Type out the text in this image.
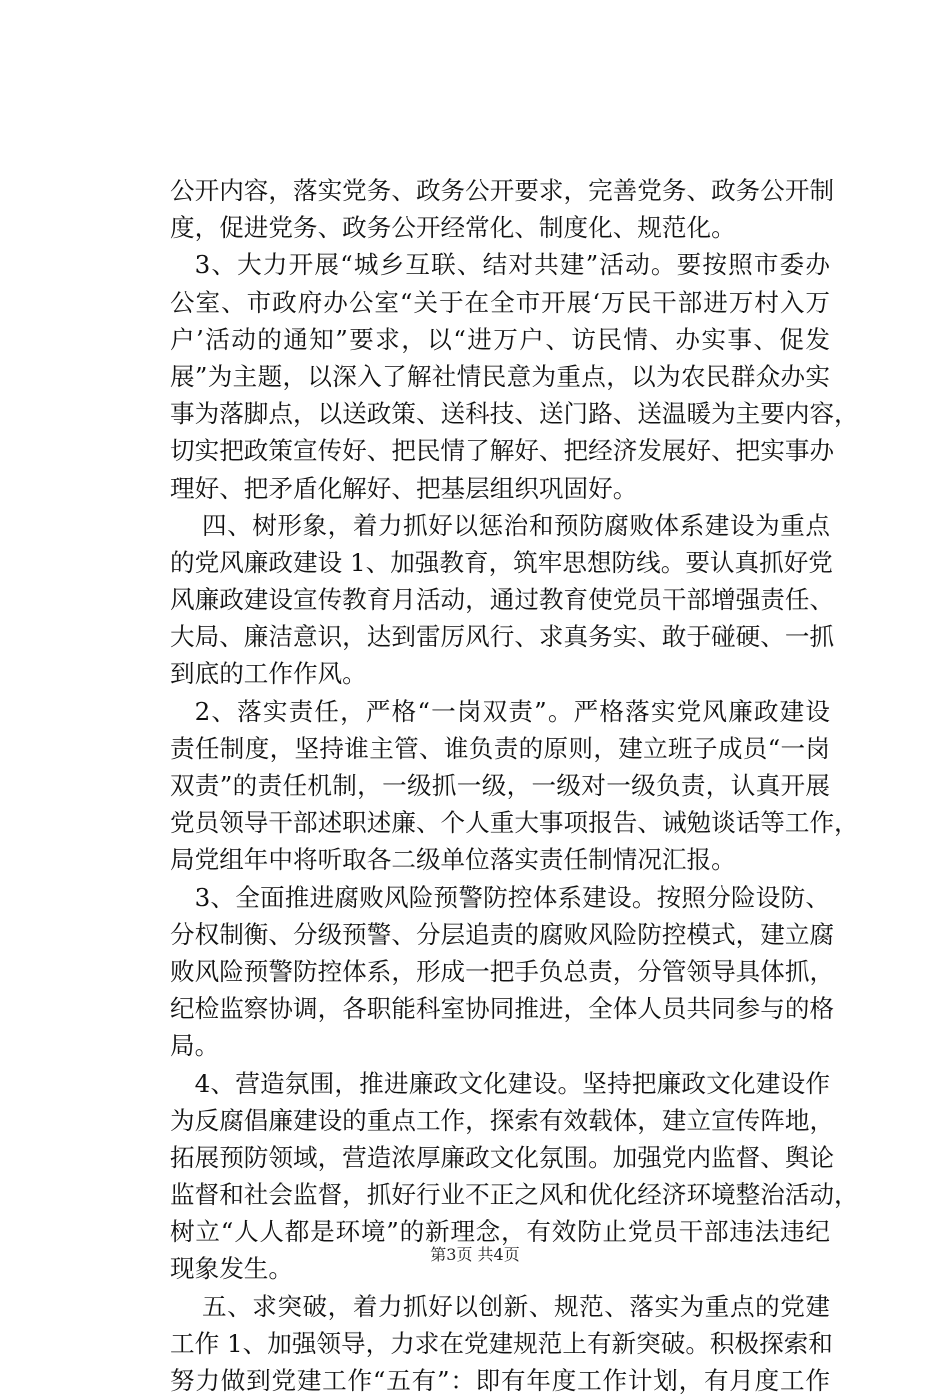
公开内容，落实党务、政务公开要求，完善党务、政务公开制
度，促进党务、政务公开经常化、制度化、规范化。
3、大力开展“城乡互联、结对共建”活动。要按照市委办
公室、市政府办公室“关于在全市开展‘万民干部进万村入万
户’活动的通知”要求，以“进万户、访民情、办实事、促发
展”为主题，以深入了解社情民意为重点，以为农民群众办实
事为落脚点，以送政策、送科技、送门路、送温暖为主要内容，
切实把政策宣传好、把民情了解好、把经济发展好、把实事办
理好、把矛盾化解好、把基层组织巩固好。
四、树形象，着力抓好以惩治和预防腐败体系建设为重点
的党风廉政建设 1、加强教育，筑牢思想防线。要认真抓好党
风廉政建设宣传教育月活动，通过教育使党员干部增强责任、
大局、廉洁意识，达到雷厉风行、求真务实、敢于碰硬、一抓
到底的工作作风。
2、落实责任，严格“一岗双责”。严格落实党风廉政建设
责任制度，坚持谁主管、谁负责的原则，建立班子成员“一岗
双责”的责任机制，一级抓一级，一级对一级负责，认真开展
党员领导干部述职述廉、个人重大事项报告、诫勉谈话等工作，
局党组年中将听取各二级单位落实责任制情况汇报。
3、全面推进腐败风险预警防控体系建设。按照分险设防、
分权制衡、分级预警、分层追责的腐败风险防控模式，建立腐
败风险预警防控体系，形成一把手负总责，分管领导具体抓，
纪检监察协调，各职能科室协同推进，全体人员共同参与的格
局。
4、营造氛围，推进廉政文化建设。坚持把廉政文化建设作
为反腐倡廉建设的重点工作，探索有效载体，建立宣传阵地，
拓展预防领域，营造浓厚廉政文化氛围。加强党内监督、舆论
监督和社会监督，抓好行业不正之风和优化经济环境整治活动，
树立“人人都是环境”的新理念，有效防止党员干部违法违纪
现象发生。
五、求突破，着力抓好以创新、规范、落实为重点的党建
工作 1、加强领导，力求在党建规范上有新突破。积极探索和
努力做到党建工作“五有”：即有年度工作计划，有月度工作
第3页 共4页
